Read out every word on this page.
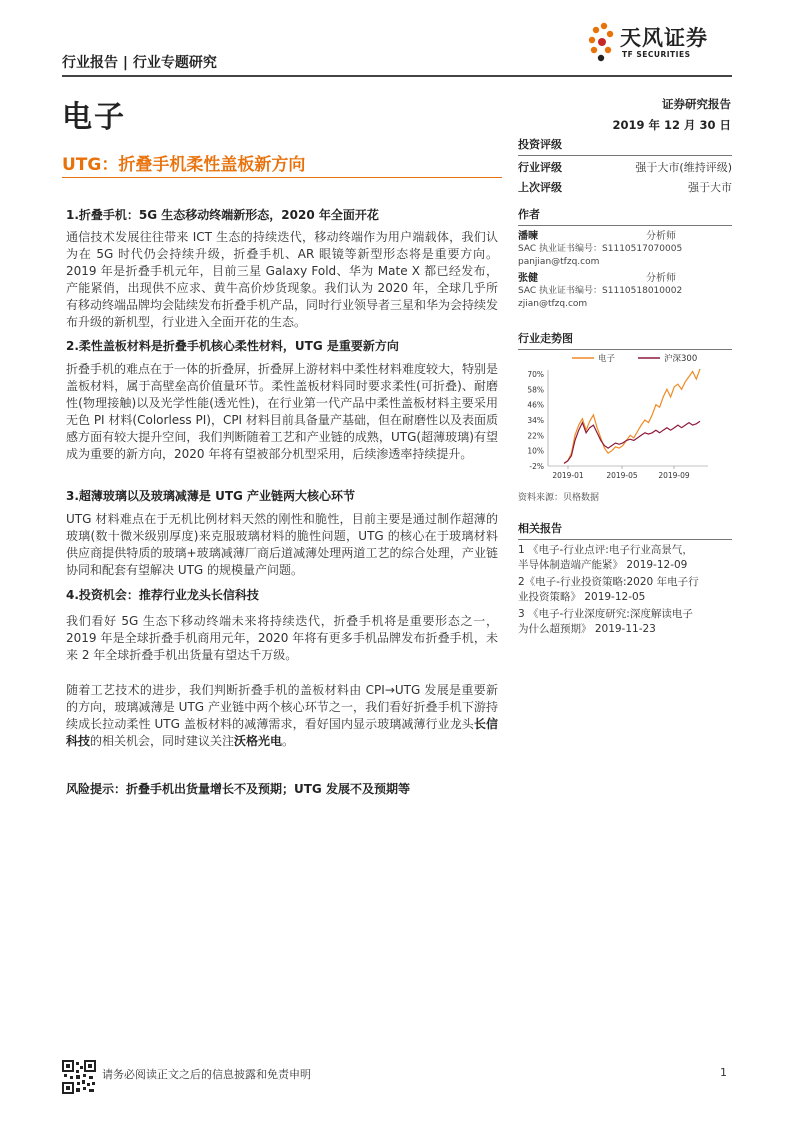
行业报告 | 行业专题研究
电子
天风证券
TF SECURITIES
证券研究报告
2019 年 12 月 30 日
UTG：折叠手机柔性盖板新方向
1.折叠手机：5G 生态移动终端新形态，2020 年全面开花
通信技术发展往往带来 ICT 生态的持续迭代，移动终端作为用户端载体，我们认为在 5G 时代仍会持续升级，折叠手机、AR 眼镜等新型形态将是重要方向。2019 年是折叠手机元年，目前三星 Galaxy Fold、华为 Mate X 都已经发布，产能紧俏，出现供不应求、黄牛高价炒货现象。我们认为 2020 年，全球几乎所有移动终端品牌均会陆续发布折叠手机产品，同时行业领导者三星和华为会持续发布升级的新机型，行业进入全面开花的生态。
2.柔性盖板材料是折叠手机核心柔性材料，UTG 是重要新方向
折叠手机的难点在于一体的折叠屏，折叠屏上游材料中柔性材料难度较大，特别是盖板材料，属于高壁垒高价值量环节。柔性盖板材料同时要求柔性(可折叠)、耐磨性(物理接触)以及光学性能(透光性)，在行业第一代产品中柔性盖板材料主要采用无色 PI 材料(Colorless PI)，CPI 材料目前具备量产基础，但在耐磨性以及表面质感方面有较大提升空间，我们判断随着工艺和产业链的成熟，UTG(超薄玻璃)有望成为重要的新方向，2020 年将有望被部分机型采用，后续渗透率持续提升。
3.超薄玻璃以及玻璃减薄是 UTG 产业链两大核心环节
UTG 材料难点在于无机比例材料天然的刚性和脆性，目前主要是通过制作超薄的玻璃(数十微米级别厚度)来克服玻璃材料的脆性问题，UTG 的核心在于玻璃材料供应商提供特质的玻璃+玻璃减薄厂商后道减薄处理两道工艺的综合处理，产业链协同和配套有望解决 UTG 的规模量产问题。
4.投资机会：推荐行业龙头长信科技
我们看好 5G 生态下移动终端未来将持续迭代，折叠手机将是重要形态之一，2019 年是全球折叠手机商用元年，2020 年将有更多手机品牌发布折叠手机，未来 2 年全球折叠手机出货量有望达千万级。
随着工艺技术的进步，我们判断折叠手机的盖板材料由 CPI→UTG 发展是重要新的方向，玻璃减薄是 UTG 产业链中两个核心环节之一，我们看好折叠手机下游持续成长拉动柔性 UTG 盖板材料的减薄需求，看好国内显示玻璃减薄行业龙头长信科技的相关机会，同时建议关注沃格光电。
风险提示：折叠手机出货量增长不及预期；UTG 发展不及预期等
投资评级
行业评级	强于大市(维持评级)
上次评级	强于大市
作者
潘暕	分析师
SAC 执业证书编号：S1110517070005
panjian@tfzq.com
张健	分析师
SAC 执业证书编号：S1110518010002
zjian@tfzq.com
行业走势图
电子	沪深300
70%
58%
46%
34%
22%
10%
-2%
2019-01	2019-05	2019-09
资料来源：贝格数据
相关报告
1 《电子-行业点评:电子行业高景气，
半导体制造端产能紧》 2019-12-09
2《电子-行业投资策略:2020 年电子行
业投资策略》 2019-12-05
3 《电子-行业深度研究:深度解读电子
为什么超预期》 2019-11-23
请务必阅读正文之后的信息披露和免责申明	1
